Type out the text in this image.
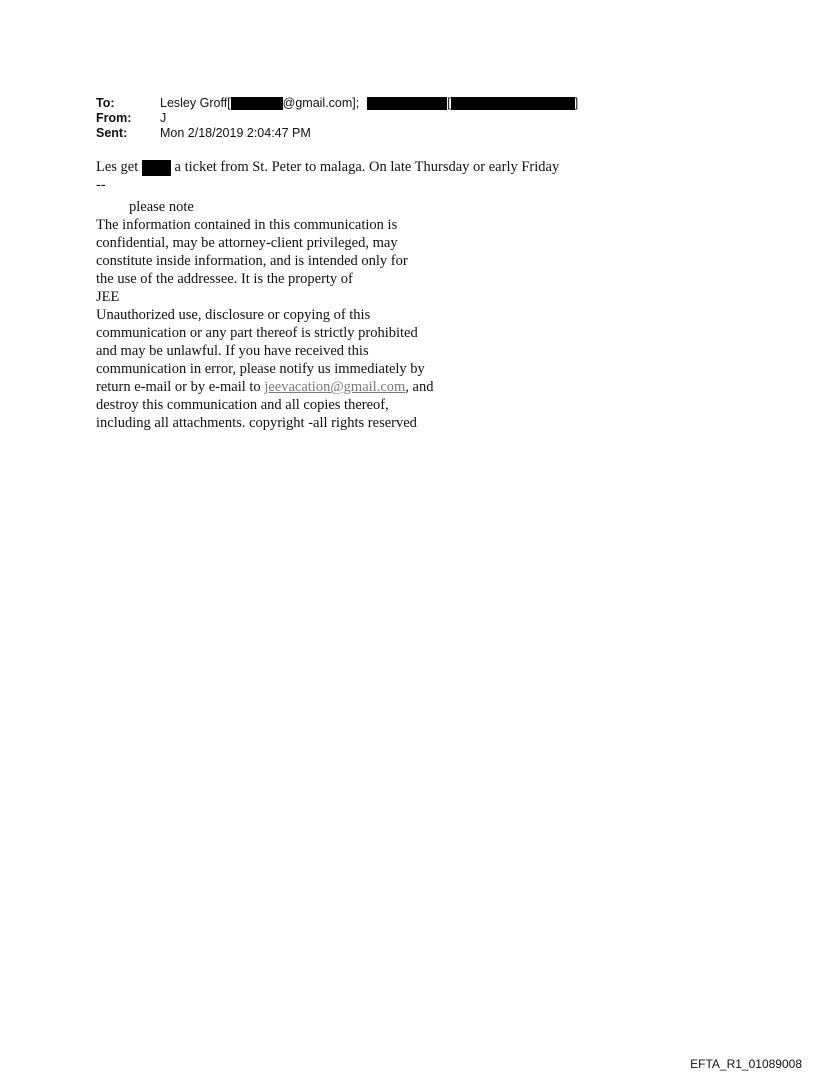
To:	Lesley Groff[	@gmail.com];	[	]
From:	J
Sent:	Mon 2/18/2019 2:04:47 PM
Les get	a ticket from St. Peter to malaga. On late Thursday or early Friday
--
please note
The information contained in this communication is
confidential, may be attorney-client privileged, may
constitute inside information, and is intended only for
the use of the addressee. It is the property of
JEE
Unauthorized use, disclosure or copying of this
communication or any part thereof is strictly prohibited
and may be unlawful. If you have received this
communication in error, please notify us immediately by
return e-mail or by e-mail to jeevacation@gmail.com, and
destroy this communication and all copies thereof,
including all attachments. copyright -all rights reserved
EFTA_R1_01089008
